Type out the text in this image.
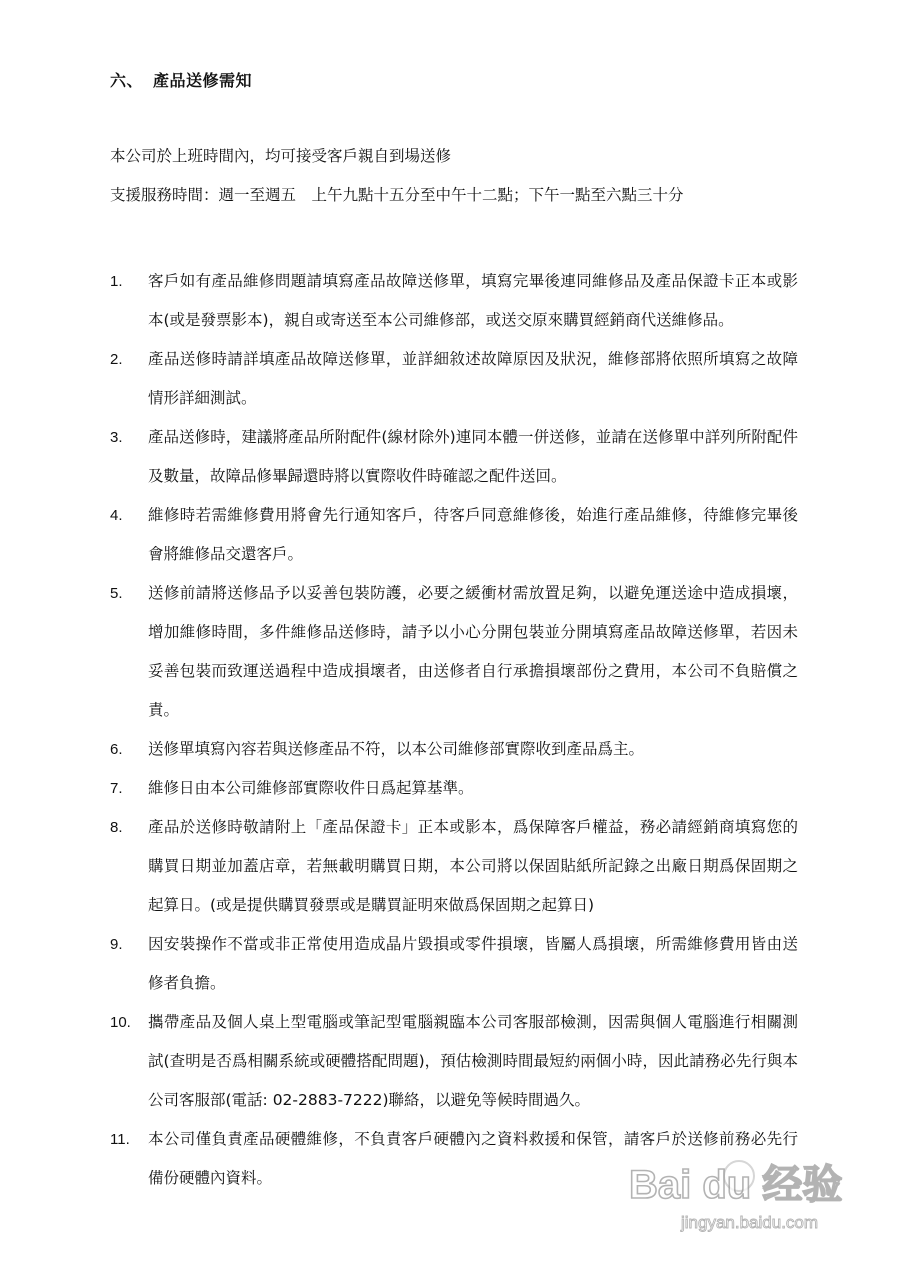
六、 產品送修需知
本公司於上班時間內，均可接受客戶親自到場送修
支援服務時間：週一至週五　上午九點十五分至中午十二點；下午一點至六點三十分
1. 客戶如有產品維修問題請填寫產品故障送修單，填寫完畢後連同維修品及產品保證卡正本或影本(或是發票影本)，親自或寄送至本公司維修部，或送交原來購買經銷商代送維修品。
2. 產品送修時請詳填產品故障送修單，並詳細敘述故障原因及狀況，維修部將依照所填寫之故障情形詳細測試。
3. 產品送修時，建議將產品所附配件(線材除外)連同本體一併送修，並請在送修單中詳列所附配件及數量，故障品修畢歸還時將以實際收件時確認之配件送回。
4. 維修時若需維修費用將會先行通知客戶，待客戶同意維修後，始進行產品維修，待維修完畢後會將維修品交還客戶。
5. 送修前請將送修品予以妥善包裝防護，必要之緩衝材需放置足夠，以避免運送途中造成損壞，增加維修時間，多件維修品送修時，請予以小心分開包裝並分開填寫產品故障送修單，若因未妥善包裝而致運送過程中造成損壞者，由送修者自行承擔損壞部份之費用，本公司不負賠償之責。
6. 送修單填寫內容若與送修產品不符，以本公司維修部實際收到產品爲主。
7. 維修日由本公司維修部實際收件日爲起算基準。
8. 產品於送修時敬請附上「產品保證卡」正本或影本，爲保障客戶權益，務必請經銷商填寫您的購買日期並加蓋店章，若無載明購買日期，本公司將以保固貼紙所記錄之出廠日期爲保固期之起算日。(或是提供購買發票或是購買証明來做爲保固期之起算日)
9. 因安裝操作不當或非正常使用造成晶片毀損或零件損壞，皆屬人爲損壞，所需維修費用皆由送修者負擔。
10. 攜帶產品及個人桌上型電腦或筆記型電腦親臨本公司客服部檢測，因需與個人電腦進行相關測試(查明是否爲相關系統或硬體搭配問題)，預估檢測時間最短約兩個小時，因此請務必先行與本公司客服部(電話: 02-2883-7222)聯絡，以避免等候時間過久。
11. 本公司僅負責產品硬體維修，不負責客戶硬體內之資料救援和保管，請客戶於送修前務必先行備份硬體內資料。	Bai du 经验
jingyan.baidu.com
